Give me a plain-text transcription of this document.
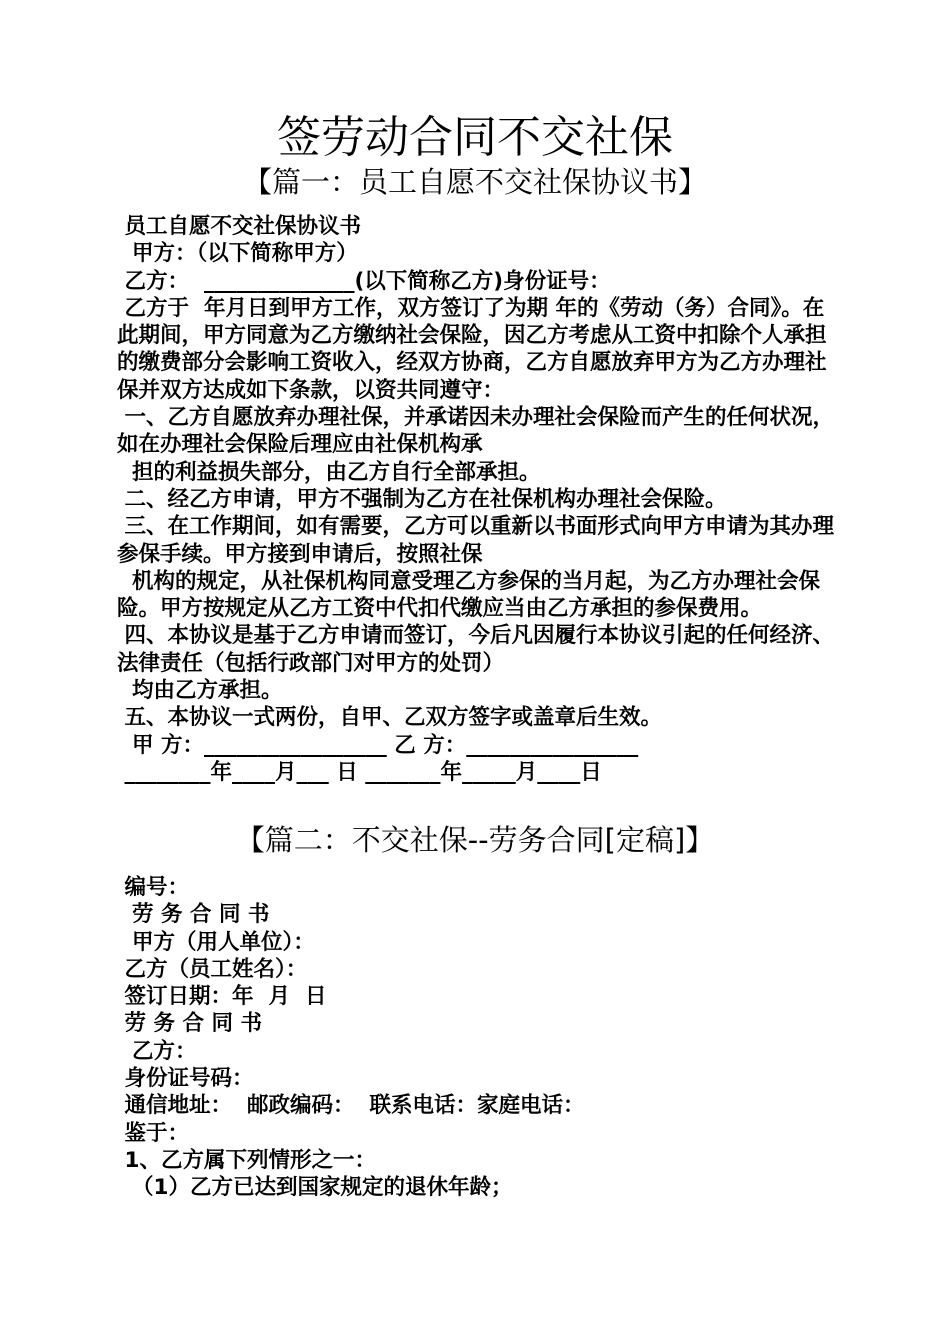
签劳动合同不交社保
【篇一：员工自愿不交社保协议书】

员工自愿不交社保协议书

甲方：（以下简称甲方）

乙方：  ______________(以下简称乙方)身份证号：

乙方于  年月日到甲方工作，双方签订了为期 年的《劳动（务）合同》。在此期间，甲方同意为乙方缴纳社会保险，因乙方考虑从工资中扣除个人承担的缴费部分会影响工资收入，经双方协商，乙方自愿放弃甲方为乙方办理社保并双方达成如下条款，以资共同遵守：

一、乙方自愿放弃办理社保，并承诺因未办理社会保险而产生的任何状况，如在办理社会保险后理应由社保机构承

担的利益损失部分，由乙方自行全部承担。

二、经乙方申请，甲方不强制为乙方在社保机构办理社会保险。

三、在工作期间，如有需要，乙方可以重新以书面形式向甲方申请为其办理参保手续。甲方接到申请后，按照社保

机构的规定，从社保机构同意受理乙方参保的当月起，为乙方办理社会保险。甲方按规定从乙方工资中代扣代缴应当由乙方承担的参保费用。

四、本协议是基于乙方申请而签订，今后凡因履行本协议引起的任何经济、法律责任（包括行政部门对甲方的处罚）

均由乙方承担。

五、本协议一式两份，自甲、乙双方签字或盖章后生效。

甲 方：_________________ 乙 方：________________

________年____月___ 日 _______年_____月____日

【篇二：不交社保--劳务合同[定稿]】

编号：

劳 务 合 同 书

甲方（用人单位）：

乙方（员工姓名）：

签订日期：年  月  日

劳 务 合 同 书

乙方：

身份证号码：

通信地址：  邮政编码：  联系电话：家庭电话：

鉴于：

1、乙方属下列情形之一：

（1）乙方已达到国家规定的退休年龄；
